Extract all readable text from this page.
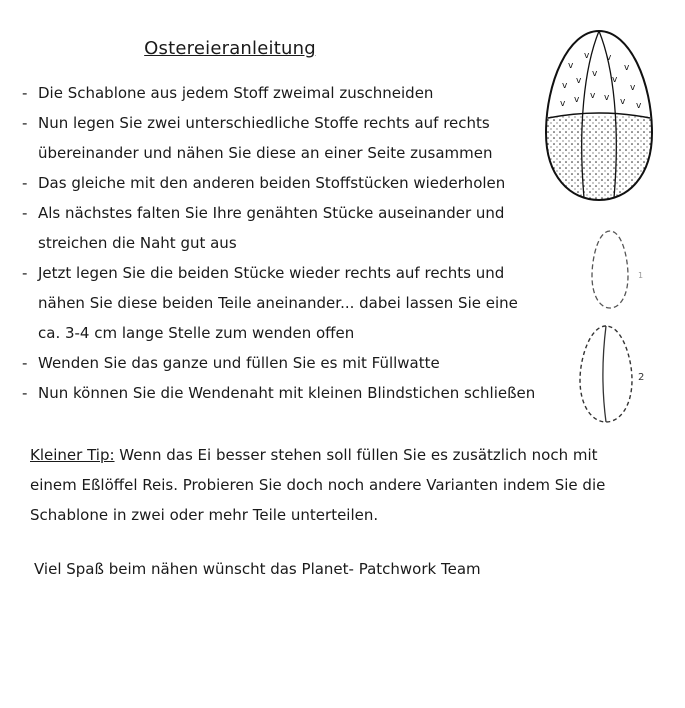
Ostereieranleitung
- Die Schablone aus jedem Stoff zweimal zuschneiden
- Nun legen Sie zwei unterschiedliche Stoffe rechts auf rechts
übereinander und nähen Sie diese an einer Seite zusammen
- Das gleiche mit den anderen beiden Stoffstücken wiederholen
- Als nächstes falten Sie Ihre genähten Stücke auseinander und
streichen die Naht gut aus
- Jetzt legen Sie die beiden Stücke wieder rechts auf rechts und
nähen Sie diese beiden Teile aneinander... dabei lassen Sie eine
ca. 3-4 cm lange Stelle zum wenden offen
- Wenden Sie das ganze und füllen Sie es mit Füllwatte
- Nun können Sie die Wendenaht mit kleinen Blindstichen schließen
Kleiner Tip: Wenn das Ei besser stehen soll füllen Sie es zusätzlich noch mit
einem Eßlöffel Reis. Probieren Sie doch noch andere Varianten indem Sie die
Schablone in zwei oder mehr Teile unterteilen.
Viel Spaß beim nähen wünscht das Planet- Patchwork Team
v
v v
v
v v
v
v
v
v v v v v v
1
2
